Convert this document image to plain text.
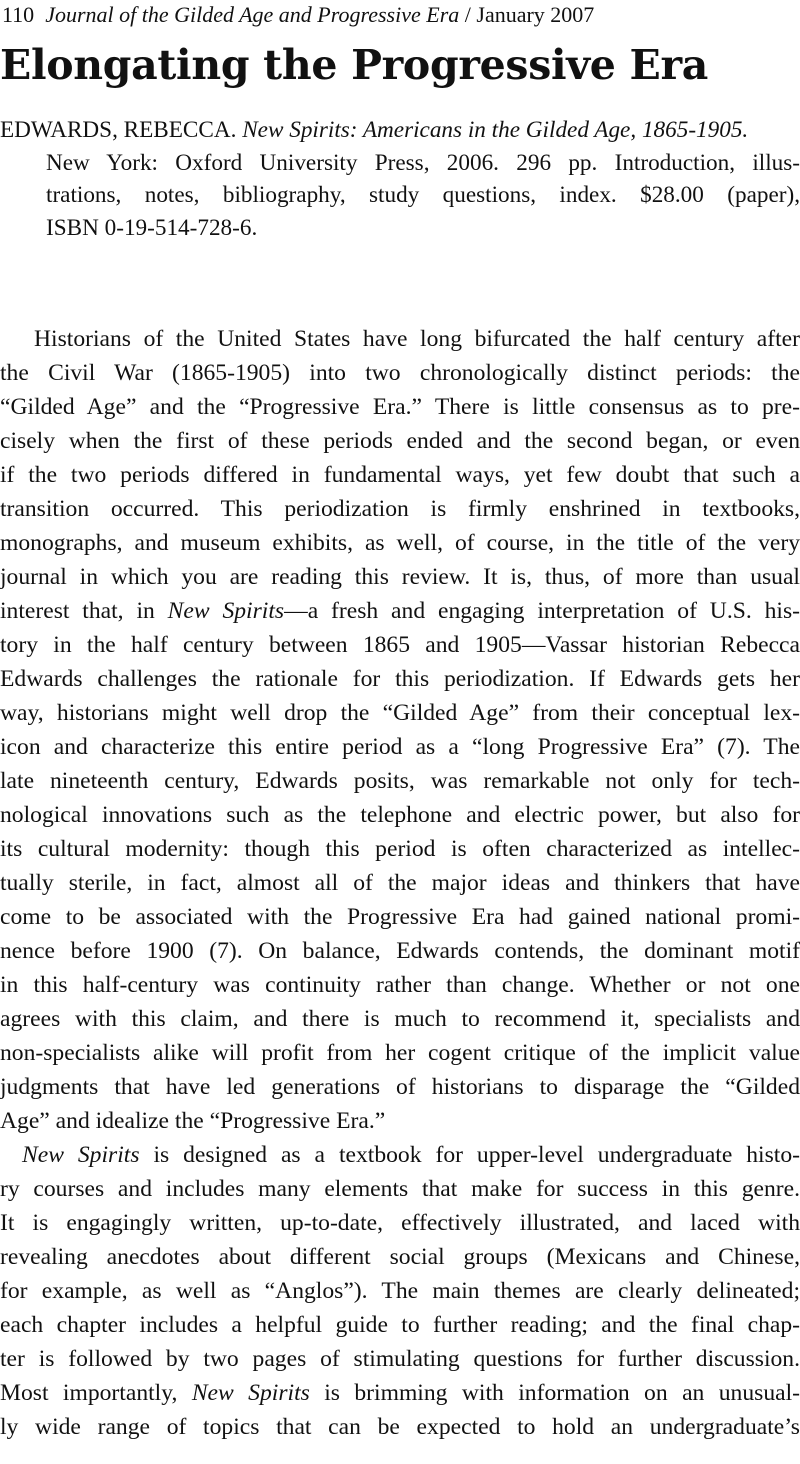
110 Journal of the Gilded Age and Progressive Era / January 2007
Elongating the Progressive Era
EDWARDS, REBECCA. New Spirits: Americans in the Gilded Age, 1865-1905.
New York: Oxford University Press, 2006. 296 pp. Introduction, illus-
trations, notes, bibliography, study questions, index. $28.00 (paper),
ISBN 0-19-514-728-6.
Historians of the United States have long bifurcated the half century after
the Civil War (1865-1905) into two chronologically distinct periods: the
“Gilded Age” and the “Progressive Era.” There is little consensus as to pre-
cisely when the first of these periods ended and the second began, or even
if the two periods differed in fundamental ways, yet few doubt that such a
transition occurred. This periodization is firmly enshrined in textbooks,
monographs, and museum exhibits, as well, of course, in the title of the very
journal in which you are reading this review. It is, thus, of more than usual
interest that, in New Spirits—a fresh and engaging interpretation of U.S. his-
tory in the half century between 1865 and 1905—Vassar historian Rebecca
Edwards challenges the rationale for this periodization. If Edwards gets her
way, historians might well drop the “Gilded Age” from their conceptual lex-
icon and characterize this entire period as a “long Progressive Era” (7). The
late nineteenth century, Edwards posits, was remarkable not only for tech-
nological innovations such as the telephone and electric power, but also for
its cultural modernity: though this period is often characterized as intellec-
tually sterile, in fact, almost all of the major ideas and thinkers that have
come to be associated with the Progressive Era had gained national promi-
nence before 1900 (7). On balance, Edwards contends, the dominant motif
in this half-century was continuity rather than change. Whether or not one
agrees with this claim, and there is much to recommend it, specialists and
non-specialists alike will profit from her cogent critique of the implicit value
judgments that have led generations of historians to disparage the “Gilded
Age” and idealize the “Progressive Era.”
New Spirits is designed as a textbook for upper-level undergraduate histo-
ry courses and includes many elements that make for success in this genre.
It is engagingly written, up-to-date, effectively illustrated, and laced with
revealing anecdotes about different social groups (Mexicans and Chinese,
for example, as well as “Anglos”). The main themes are clearly delineated;
each chapter includes a helpful guide to further reading; and the final chap-
ter is followed by two pages of stimulating questions for further discussion.
Most importantly, New Spirits is brimming with information on an unusual-
ly wide range of topics that can be expected to hold an undergraduate’s
